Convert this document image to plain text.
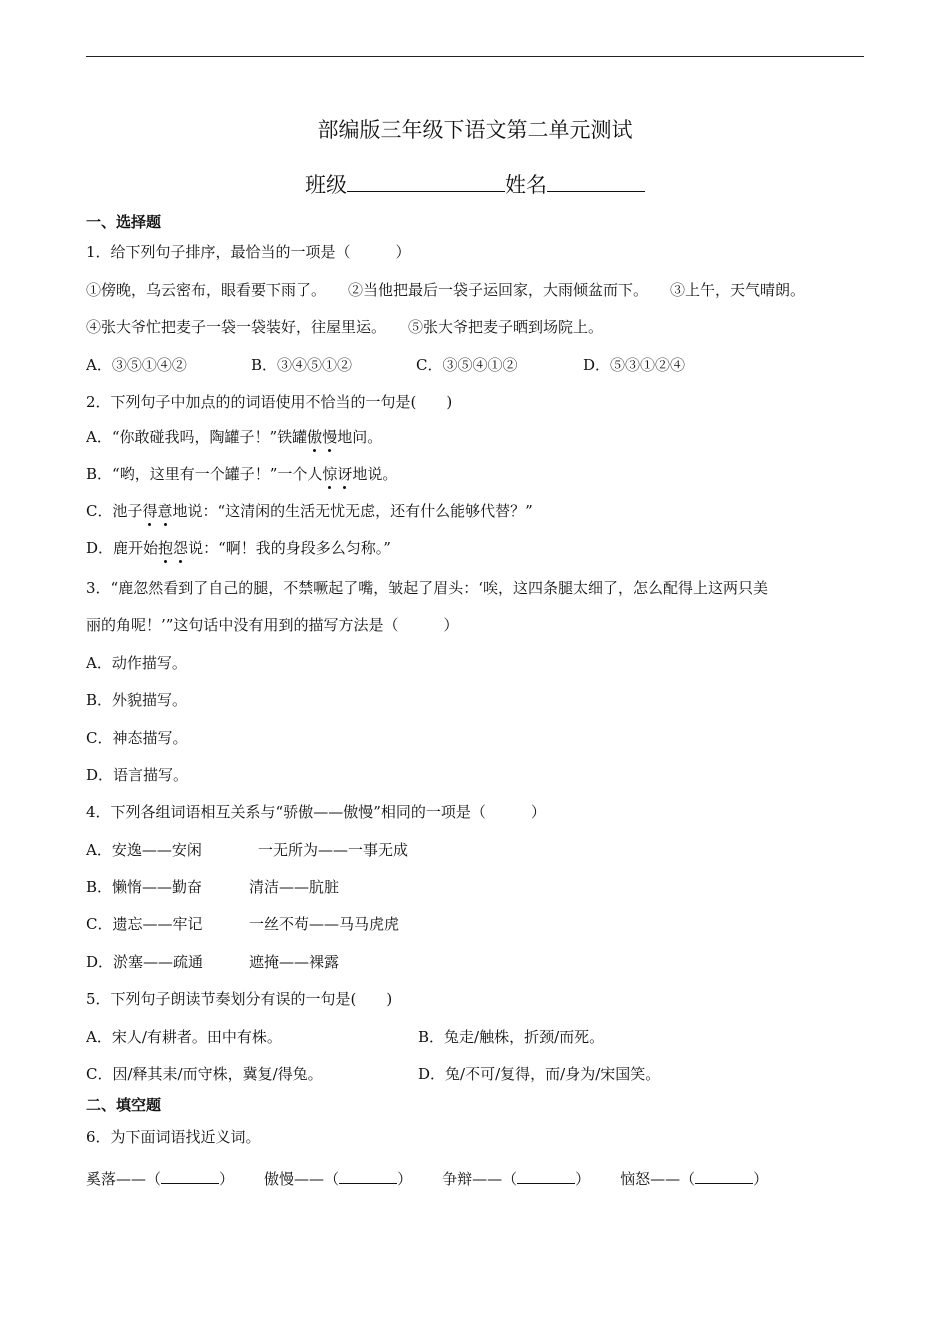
部编版三年级下语文第二单元测试
班级	姓名
一、选择题
1．给下列句子排序，最恰当的一项是（　　　）
①傍晚，乌云密布，眼看要下雨了。 ②当他把最后一袋子运回家，大雨倾盆而下。 ③上午，天气晴朗。
④张大爷忙把麦子一袋一袋装好，往屋里运。 ⑤张大爷把麦子晒到场院上。
A．③⑤①④②	B．③④⑤①②	C．③⑤④①②	D．⑤③①②④
2．下列句子中加点的的词语使用不恰当的一句是(　　)
A．“你敢碰我吗，陶罐子！”铁罐傲慢地问。
B．“哟，这里有一个罐子！”一个人惊讶地说。
C．池子得意地说：“这清闲的生活无忧无虑，还有什么能够代替？”
D．鹿开始抱怨说：“啊！我的身段多么匀称。”
3．“鹿忽然看到了自己的腿，不禁噘起了嘴，皱起了眉头：‘唉，这四条腿太细了，怎么配得上这两只美
丽的角呢！’”这句话中没有用到的描写方法是（　　　）
A．动作描写。
B．外貌描写。
C．神态描写。
D．语言描写。
4．下列各组词语相互关系与“骄傲——傲慢”相同的一项是（　　　）
A．安逸——安闲	一无所为——一事无成
B．懒惰——勤奋	清洁——肮脏
C．遗忘——牢记	一丝不苟——马马虎虎
D．淤塞——疏通	遮掩——裸露
5．下列句子朗读节奏划分有误的一句是(　　)
A．宋人/有耕者。田中有株。	B．兔走/触株，折颈/而死。
C．因/释其耒/而守株，冀复/得兔。	D．兔/不可/复得，而/身为/宋国笑。
二、填空题
6．为下面词语找近义词。
奚落——（	） 傲慢——（	） 争辩——（	） 恼怒——（	）
